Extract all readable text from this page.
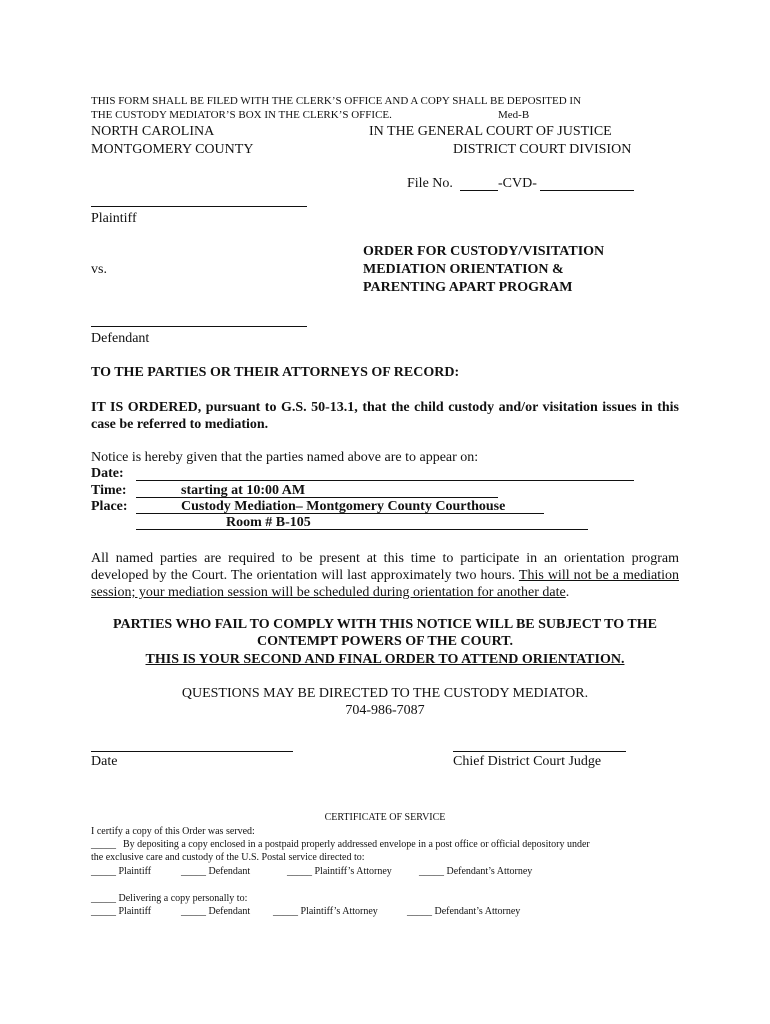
THIS FORM SHALL BE FILED WITH THE CLERK’S OFFICE AND A COPY SHALL BE DEPOSITED IN
THE CUSTODY MEDIATOR’S BOX IN THE CLERK’S OFFICE.	Med-B
NORTH CAROLINA
MONTGOMERY COUNTY
IN THE GENERAL COURT OF JUSTICE
DISTRICT COURT DIVISION
File No.	-CVD-
Plaintiff
vs.
ORDER FOR CUSTODY/VISITATION
MEDIATION ORIENTATION &
PARENTING APART PROGRAM
Defendant
TO THE PARTIES OR THEIR ATTORNEYS OF RECORD:
IT IS ORDERED, pursuant to G.S. 50-13.1, that the child custody and/or visitation issues in this case be referred to mediation.
Notice is hereby given that the parties named above are to appear on:
Date:
Time:	starting at 10:00 AM
Place:	Custody Mediation– Montgomery County Courthouse
Room # B-105
All named parties are required to be present at this time to participate in an orientation program developed by the Court. The orientation will last approximately two hours. This will not be a mediation session; your mediation session will be scheduled during orientation for another date.
PARTIES WHO FAIL TO COMPLY WITH THIS NOTICE WILL BE SUBJECT TO THE
CONTEMPT POWERS OF THE COURT.
THIS IS YOUR SECOND AND FINAL ORDER TO ATTEND ORIENTATION.
QUESTIONS MAY BE DIRECTED TO THE CUSTODY MEDIATOR.
704-986-7087
Date	Chief District Court Judge
CERTIFICATE OF SERVICE
I certify a copy of this Order was served:
_____ By depositing a copy enclosed in a postpaid properly addressed envelope in a post office or official depository under
the exclusive care and custody of the U.S. Postal service directed to:
_____ Plaintiff	_____ Defendant	_____ Plaintiff’s Attorney	_____ Defendant’s Attorney
_____ Delivering a copy personally to:
_____ Plaintiff	_____ Defendant _____ Plaintiff’s Attorney	_____ Defendant’s Attorney
